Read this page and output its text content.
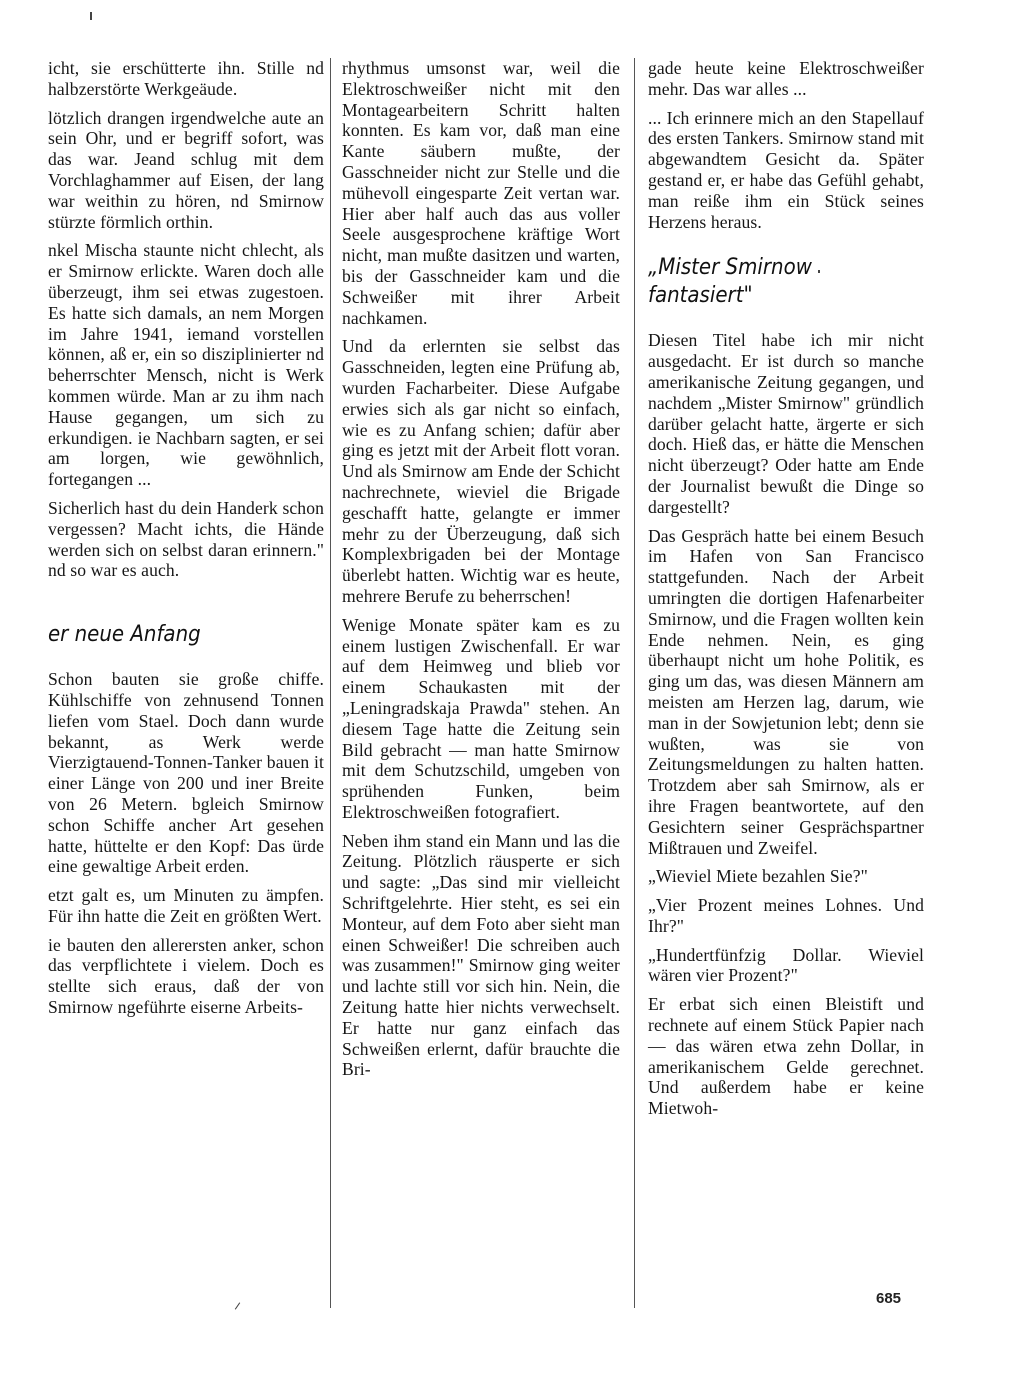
icht, sie erschütterte ihn. Stille nd halbzerstörte Werkgeäude.

lötzlich drangen irgendwelche aute an sein Ohr, und er begriff sofort, was das war. Jeand schlug mit dem Vorchlaghammer auf Eisen, der lang war weithin zu hören, nd Smirnow stürzte förmlich orthin.

nkel Mischa staunte nicht chlecht, als er Smirnow erlickte. Waren doch alle überzeugt, ihm sei etwas zugestoen. Es hatte sich damals, an nem Morgen im Jahre 1941, iemand vorstellen können, aß er, ein so disziplinierter nd beherrschter Mensch, nicht is Werk kommen würde. Man ar zu ihm nach Hause gegangen, um sich zu erkundigen. ie Nachbarn sagten, er sei am lorgen, wie gewöhnlich, fortegangen ...

Sicherlich hast du dein Handerk schon vergessen? Macht ichts, die Hände werden sich on selbst daran erinnern." nd so war es auch.

er neue Anfang

Schon bauten sie große chiffe. Kühlschiffe von zehnusend Tonnen liefen vom Stael. Doch dann wurde bekannt, as Werk werde Vierzigtauend-Tonnen-Tanker bauen it einer Länge von 200 und iner Breite von 26 Metern. bgleich Smirnow schon Schiffe ancher Art gesehen hatte, hüttelte er den Kopf: Das ürde eine gewaltige Arbeit erden.

etzt galt es, um Minuten zu ämpfen. Für ihn hatte die Zeit en größten Wert.

ie bauten den allerersten anker, schon das verpflichtete i vielem. Doch es stellte sich eraus, daß der von Smirnow ngeführte eiserne Arbeits-

rhythmus umsonst war, weil die Elektroschweißer nicht mit den Montagearbeitern Schritt halten konnten. Es kam vor, daß man eine Kante säubern mußte, der Gasschneider nicht zur Stelle und die mühevoll eingesparte Zeit vertan war. Hier aber half auch das aus voller Seele ausgesprochene kräftige Wort nicht, man mußte dasitzen und warten, bis der Gasschneider kam und die Schweißer mit ihrer Arbeit nachkamen.

Und da erlernten sie selbst das Gasschneiden, legten eine Prüfung ab, wurden Facharbeiter. Diese Aufgabe erwies sich als gar nicht so einfach, wie es zu Anfang schien; dafür aber ging es jetzt mit der Arbeit flott voran. Und als Smirnow am Ende der Schicht nachrechnete, wieviel die Brigade geschafft hatte, gelangte er immer mehr zu der Überzeugung, daß sich Komplexbrigaden bei der Montage überlebt hatten. Wichtig war es heute, mehrere Berufe zu beherrschen!

Wenige Monate später kam es zu einem lustigen Zwischenfall. Er war auf dem Heimweg und blieb vor einem Schaukasten mit der „Leningradskaja Prawda" stehen. An diesem Tage hatte die Zeitung sein Bild gebracht — man hatte Smirnow mit dem Schutzschild, umgeben von sprühenden Funken, beim Elektroschweißen fotografiert.

Neben ihm stand ein Mann und las die Zeitung. Plötzlich räusperte er sich und sagte: „Das sind mir vielleicht Schriftgelehrte. Hier steht, es sei ein Monteur, auf dem Foto aber sieht man einen Schweißer! Die schreiben auch was zusammen!" Smirnow ging weiter und lachte still vor sich hin. Nein, die Zeitung hatte hier nichts verwechselt. Er hatte nur ganz einfach das Schweißen erlernt, dafür brauchte die Bri-

gade heute keine Elektroschweißer mehr. Das war alles ...

... Ich erinnere mich an den Stapellauf des ersten Tankers. Smirnow stand mit abgewandtem Gesicht da. Später gestand er, er habe das Gefühl gehabt, man reiße ihm ein Stück seines Herzens heraus.

„Mister Smirnow fantasiert"

Diesen Titel habe ich mir nicht ausgedacht. Er ist durch so manche amerikanische Zeitung gegangen, und nachdem „Mister Smirnow" gründlich darüber gelacht hatte, ärgerte er sich doch. Hieß das, er hätte die Menschen nicht überzeugt? Oder hatte am Ende der Journalist bewußt die Dinge so dargestellt?

Das Gespräch hatte bei einem Besuch im Hafen von San Francisco stattgefunden. Nach der Arbeit umringten die dortigen Hafenarbeiter Smirnow, und die Fragen wollten kein Ende nehmen. Nein, es ging überhaupt nicht um hohe Politik, es ging um das, was diesen Männern am meisten am Herzen lag, darum, wie man in der Sowjetunion lebt; denn sie wußten, was sie von Zeitungsmeldungen zu halten hatten. Trotzdem aber sah Smirnow, als er ihre Fragen beantwortete, auf den Gesichtern seiner Gesprächspartner Mißtrauen und Zweifel.

„Wieviel Miete bezahlen Sie?"

„Vier Prozent meines Lohnes. Und Ihr?"

„Hundertfünfzig Dollar. Wieviel wären vier Prozent?"

Er erbat sich einen Bleistift und rechnete auf einem Stück Papier nach — das wären etwa zehn Dollar, in amerikanischem Gelde gerechnet. Und außerdem habe er keine Mietwoh-

685
